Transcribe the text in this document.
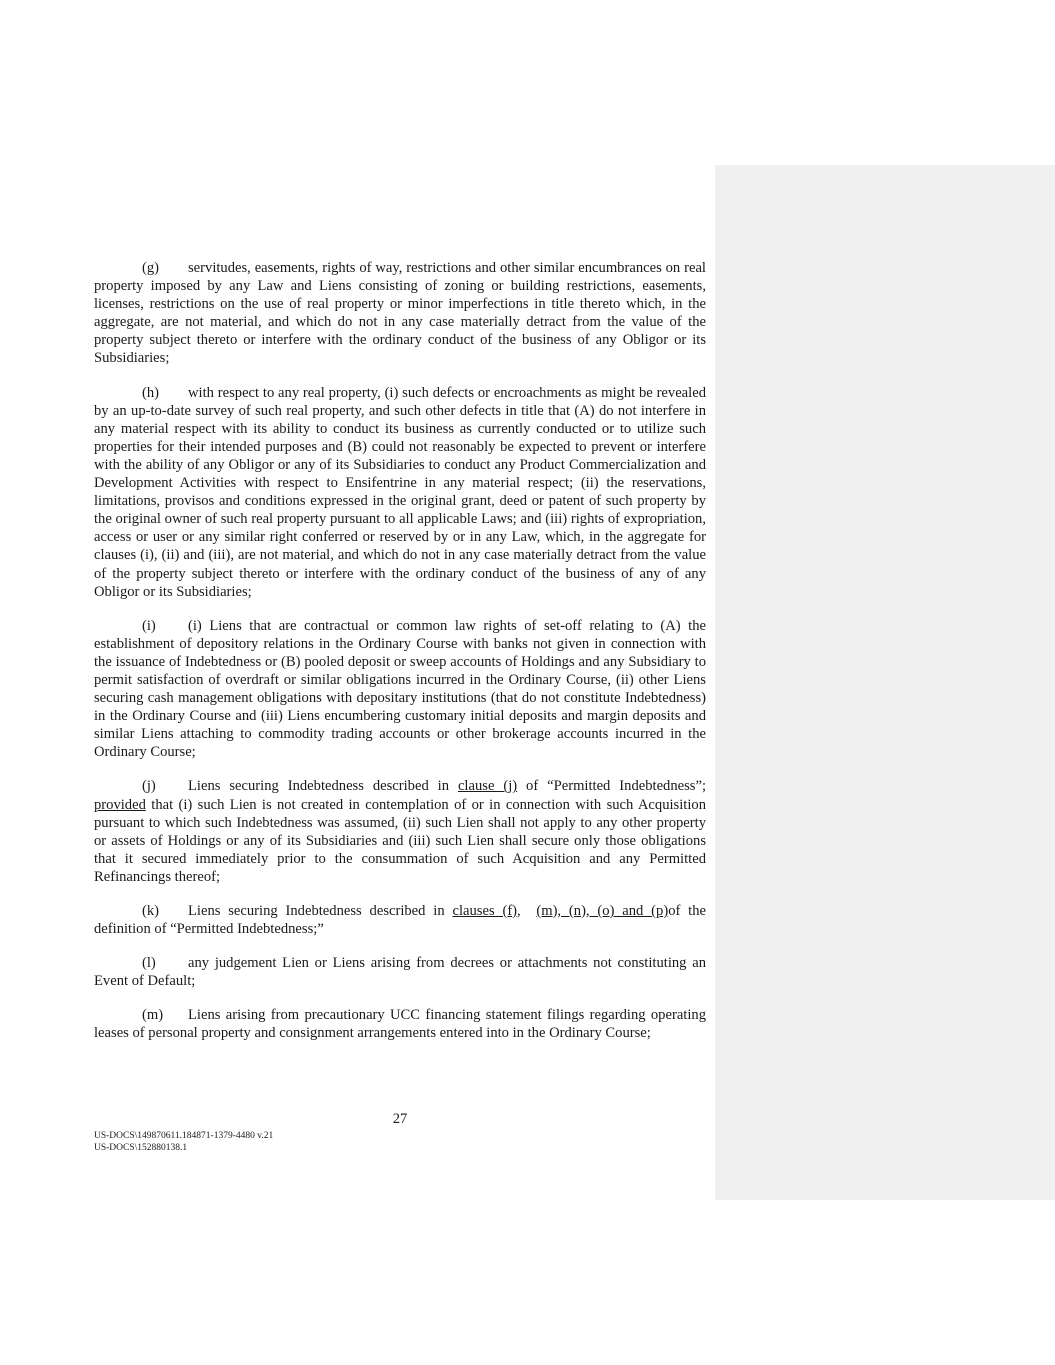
(g) servitudes, easements, rights of way, restrictions and other similar encumbrances on real property imposed by any Law and Liens consisting of zoning or building restrictions, easements, licenses, restrictions on the use of real property or minor imperfections in title thereto which, in the aggregate, are not material, and which do not in any case materially detract from the value of the property subject thereto or interfere with the ordinary conduct of the business of any Obligor or its Subsidiaries;

(h) with respect to any real property, (i) such defects or encroachments as might be revealed by an up-to-date survey of such real property, and such other defects in title that (A) do not interfere in any material respect with its ability to conduct its business as currently conducted or to utilize such properties for their intended purposes and (B) could not reasonably be expected to prevent or interfere with the ability of any Obligor or any of its Subsidiaries to conduct any Product Commercialization and Development Activities with respect to Ensifentrine in any material respect; (ii) the reservations, limitations, provisos and conditions expressed in the original grant, deed or patent of such property by the original owner of such real property pursuant to all applicable Laws; and (iii) rights of expropriation, access or user or any similar right conferred or reserved by or in any Law, which, in the aggregate for clauses (i), (ii) and (iii), are not material, and which do not in any case materially detract from the value of the property subject thereto or interfere with the ordinary conduct of the business of any of any Obligor or its Subsidiaries;

(i) (i) Liens that are contractual or common law rights of set-off relating to (A) the establishment of depository relations in the Ordinary Course with banks not given in connection with the issuance of Indebtedness or (B) pooled deposit or sweep accounts of Holdings and any Subsidiary to permit satisfaction of overdraft or similar obligations incurred in the Ordinary Course, (ii) other Liens securing cash management obligations with depositary institutions (that do not constitute Indebtedness) in the Ordinary Course and (iii) Liens encumbering customary initial deposits and margin deposits and similar Liens attaching to commodity trading accounts or other brokerage accounts incurred in the Ordinary Course;

(j) Liens securing Indebtedness described in clause (j) of “Permitted Indebtedness”; provided that (i) such Lien is not created in contemplation of or in connection with such Acquisition pursuant to which such Indebtedness was assumed, (ii) such Lien shall not apply to any other property or assets of Holdings or any of its Subsidiaries and (iii) such Lien shall secure only those obligations that it secured immediately prior to the consummation of such Acquisition and any Permitted Refinancings thereof;

(k) Liens securing Indebtedness described in clauses (f),  (m), (n), (o) and (p)of the definition of “Permitted Indebtedness;”

(l) any judgement Lien or Liens arising from decrees or attachments not constituting an Event of Default;

(m) Liens arising from precautionary UCC financing statement filings regarding operating leases of personal property and consignment arrangements entered into in the Ordinary Course;

27
US-DOCS\149870611.184871-1379-4480 v.21
US-DOCS\152880138.1
